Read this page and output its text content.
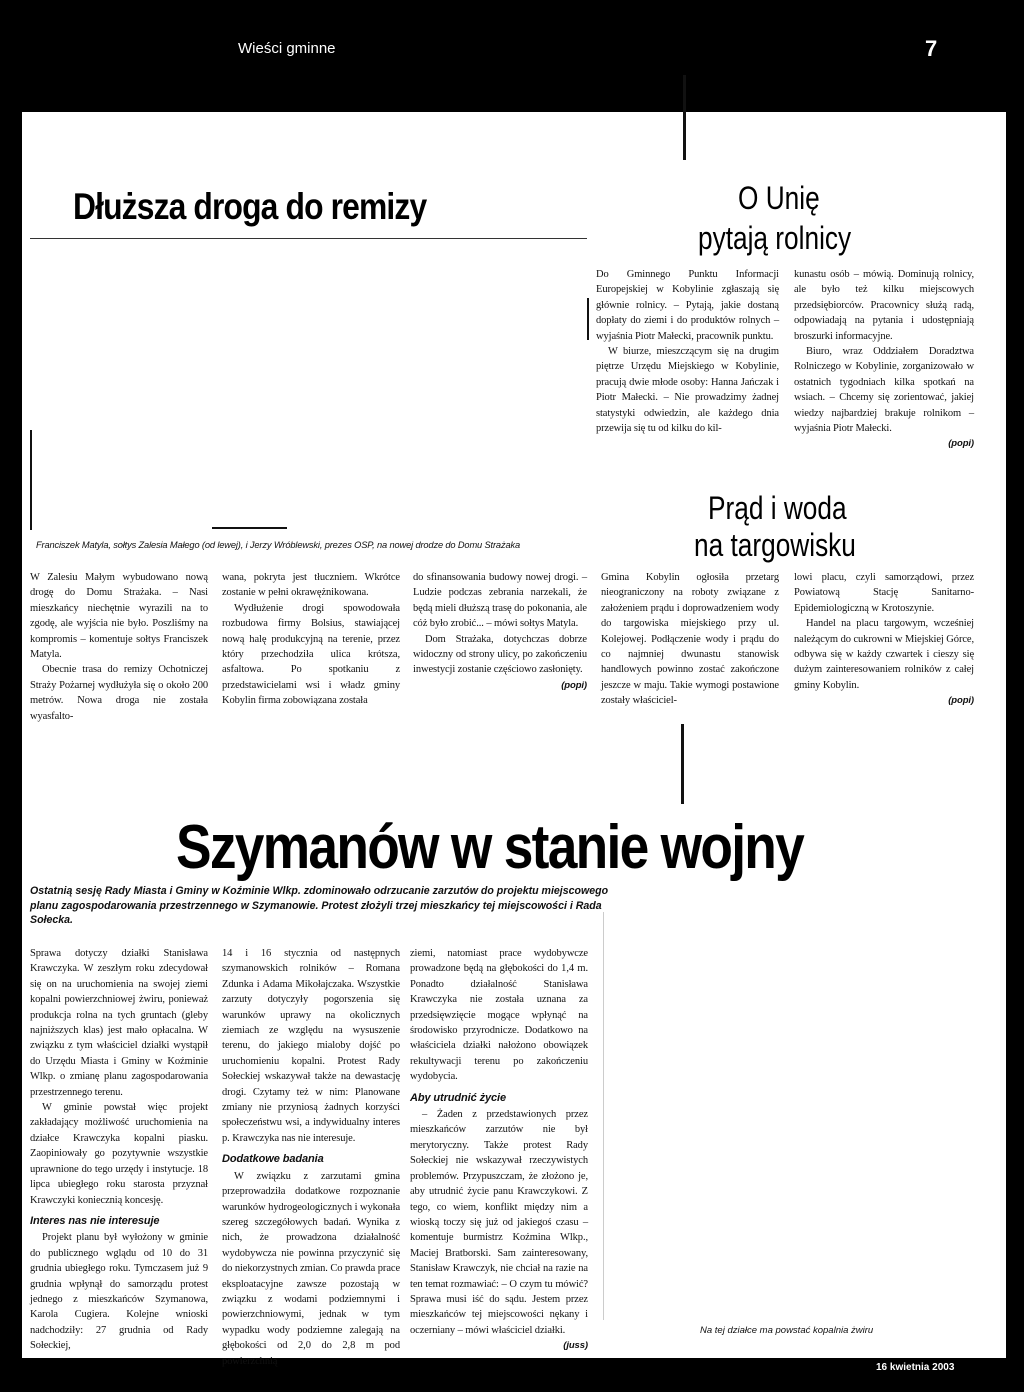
Wieści gminne	7
Dłuższa droga do remizy
Franciszek Matyla, sołtys Zalesia Małego (od lewej), i Jerzy Wróblewski, prezes OSP, na nowej drodze do Domu Strażaka

W Zalesiu Małym wybudowano nową drogę do Domu Strażaka. – Nasi mieszkańcy niechętnie wyrazili na to zgodę, ale wyjścia nie było. Poszliśmy na kompromis – komentuje sołtys Franciszek Matyla.

Obecnie trasa do remizy Ochotniczej Straży Pożarnej wydłużyła się o około 200 metrów. Nowa droga nie została wyasfalto-

wana, pokryta jest tłuczniem. Wkrótce zostanie w pełni okrawężnikowana.

Wydłużenie drogi spowodowała rozbudowa firmy Bolsius, stawiającej nową halę produkcyjną na terenie, przez który przechodziła ulica krótsza, asfaltowa. Po spotkaniu z przedstawicielami wsi i władz gminy Kobylin firma zobowiązana została

do sfinansowania budowy nowej drogi. – Ludzie podczas zebrania narzekali, że będą mieli dłuższą trasę do pokonania, ale cóż było zrobić... – mówi sołtys Matyla.

Dom Strażaka, dotychczas dobrze widoczny od strony ulicy, po zakończeniu inwestycji zostanie częściowo zasłonięty.

(popi)
O Unię
pytają rolnicy

Do Gminnego Punktu Informacji Europejskiej w Kobylinie zgłaszają się głównie rolnicy. – Pytają, jakie dostaną dopłaty do ziemi i do produktów rolnych – wyjaśnia Piotr Małecki, pracownik punktu.

W biurze, mieszczącym się na drugim piętrze Urzędu Miejskiego w Kobylinie, pracują dwie młode osoby: Hanna Jańczak i Piotr Małecki. – Nie prowadzimy żadnej statystyki odwiedzin, ale każdego dnia przewija się tu od kilku do kil-

kunastu osób – mówią. Dominują rolnicy, ale było też kilku miejscowych przedsiębiorców. Pracownicy służą radą, odpowiadają na pytania i udostępniają broszurki informacyjne.

Biuro, wraz Oddziałem Doradztwa Rolniczego w Kobylinie, zorganizowało w ostatnich tygodniach kilka spotkań na wsiach. – Chcemy się zorientować, jakiej wiedzy najbardziej brakuje rolnikom – wyjaśnia Piotr Małecki.

(popi)
Prąd i woda
na targowisku

Gmina Kobylin ogłosiła przetarg nieograniczony na roboty związane z założeniem prądu i doprowadzeniem wody do targowiska miejskiego przy ul. Kolejowej. Podłączenie wody i prądu do co najmniej dwunastu stanowisk handlowych powinno zostać zakończone jeszcze w maju. Takie wymogi postawione zostały właściciel-

lowi placu, czyli samorządowi, przez Powiatową Stację Sanitarno-Epidemiologiczną w Krotoszynie.

Handel na placu targowym, wcześniej należącym do cukrowni w Miejskiej Górce, odbywa się w każdy czwartek i cieszy się dużym zainteresowaniem rolników z całej gminy Kobylin.

(popi)
Szymanów w stanie wojny
Ostatnią sesję Rady Miasta i Gminy w Koźminie Wlkp. zdominowało odrzucanie zarzutów do projektu miejscowego planu zagospodarowania przestrzennego w Szymanowie. Protest złożyli trzej mieszkańcy tej miejscowości i Rada Sołecka.

Sprawa dotyczy działki Stanisława Krawczyka. W zeszłym roku zdecydował się on na uruchomienia na swojej ziemi kopalni powierzchniowej żwiru, ponieważ produkcja rolna na tych gruntach (gleby najniższych klas) jest mało opłacalna. W związku z tym właściciel działki wystąpił do Urzędu Miasta i Gminy w Koźminie Wlkp. o zmianę planu zagospodarowania przestrzennego terenu.

W gminie powstał więc projekt zakładający możliwość uruchomienia na działce Krawczyka kopalni piasku. Zaopiniowały go pozytywnie wszystkie uprawnione do tego urzędy i instytucje. 18 lipca ubiegłego roku starosta przyznał Krawczyki koniecznią koncesję.

Interes nas nie interesuje

Projekt planu był wyłożony w gminie do publicznego wglądu od 10 do 31 grudnia ubiegłego roku. Tymczasem już 9 grudnia wpłynął do samorządu protest jednego z mieszkańców Szymanowa, Karola Cugiera. Kolejne wnioski nadchodziły: 27 grudnia od Rady Sołeckiej,

14 i 16 stycznia od następnych szymanowskich rolników – Romana Zdunka i Adama Mikołajczaka. Wszystkie zarzuty dotyczyły pogorszenia się warunków uprawy na okolicznych ziemiach ze względu na wysuszenie terenu, do jakiego mialoby dojść po uruchomieniu kopalni. Protest Rady Sołeckiej wskazywał także na dewastację drogi. Czytamy też w nim: Planowane zmiany nie przyniosą żadnych korzyści społeczeństwu wsi, a indywidualny interes p. Krawczyka nas nie interesuje.

Dodatkowe badania

W związku z zarzutami gmina przeprowadziła dodatkowe rozpoznanie warunków hydrogeologicznych i wykonała szereg szczegółowych badań. Wynika z nich, że prowadzona działalność wydobywcza nie powinna przyczynić się do niekorzystnych zmian. Co prawda prace eksploatacyjne zawsze pozostają w związku z wodami podziemnymi i powierzchniowymi, jednak w tym wypadku wody podziemne zalegają na głębokości od 2,0 do 2,8 m pod powierzchnią

ziemi, natomiast prace wydobywcze prowadzone będą na głębokości do 1,4 m. Ponadto działalność Stanisława Krawczyka nie została uznana za przedsięwzięcie mogące wpłynąć na środowisko przyrodnicze. Dodatkowo na właściciela działki nałożono obowiązek rekultywacji terenu po zakończeniu wydobycia.

Aby utrudnić życie

– Żaden z przedstawionych przez mieszkańców zarzutów nie był merytoryczny. Także protest Rady Sołeckiej nie wskazywał rzeczywistych problemów. Przypuszczam, że złożono je, aby utrudnić życie panu Krawczykowi. Z tego, co wiem, konflikt między nim a wioską toczy się już od jakiegoś czasu – komentuje burmistrz Koźmina Wlkp., Maciej Bratborski. Sam zainteresowany, Stanisław Krawczyk, nie chciał na razie na ten temat rozmawiać: – O czym tu mówić? Sprawa musi iść do sądu. Jestem przez mieszkańców tej miejscowości nękany i oczerniany – mówi właściciel działki.

(juss)
Na tej działce ma powstać kopalnia żwiru
16 kwietnia 2003
